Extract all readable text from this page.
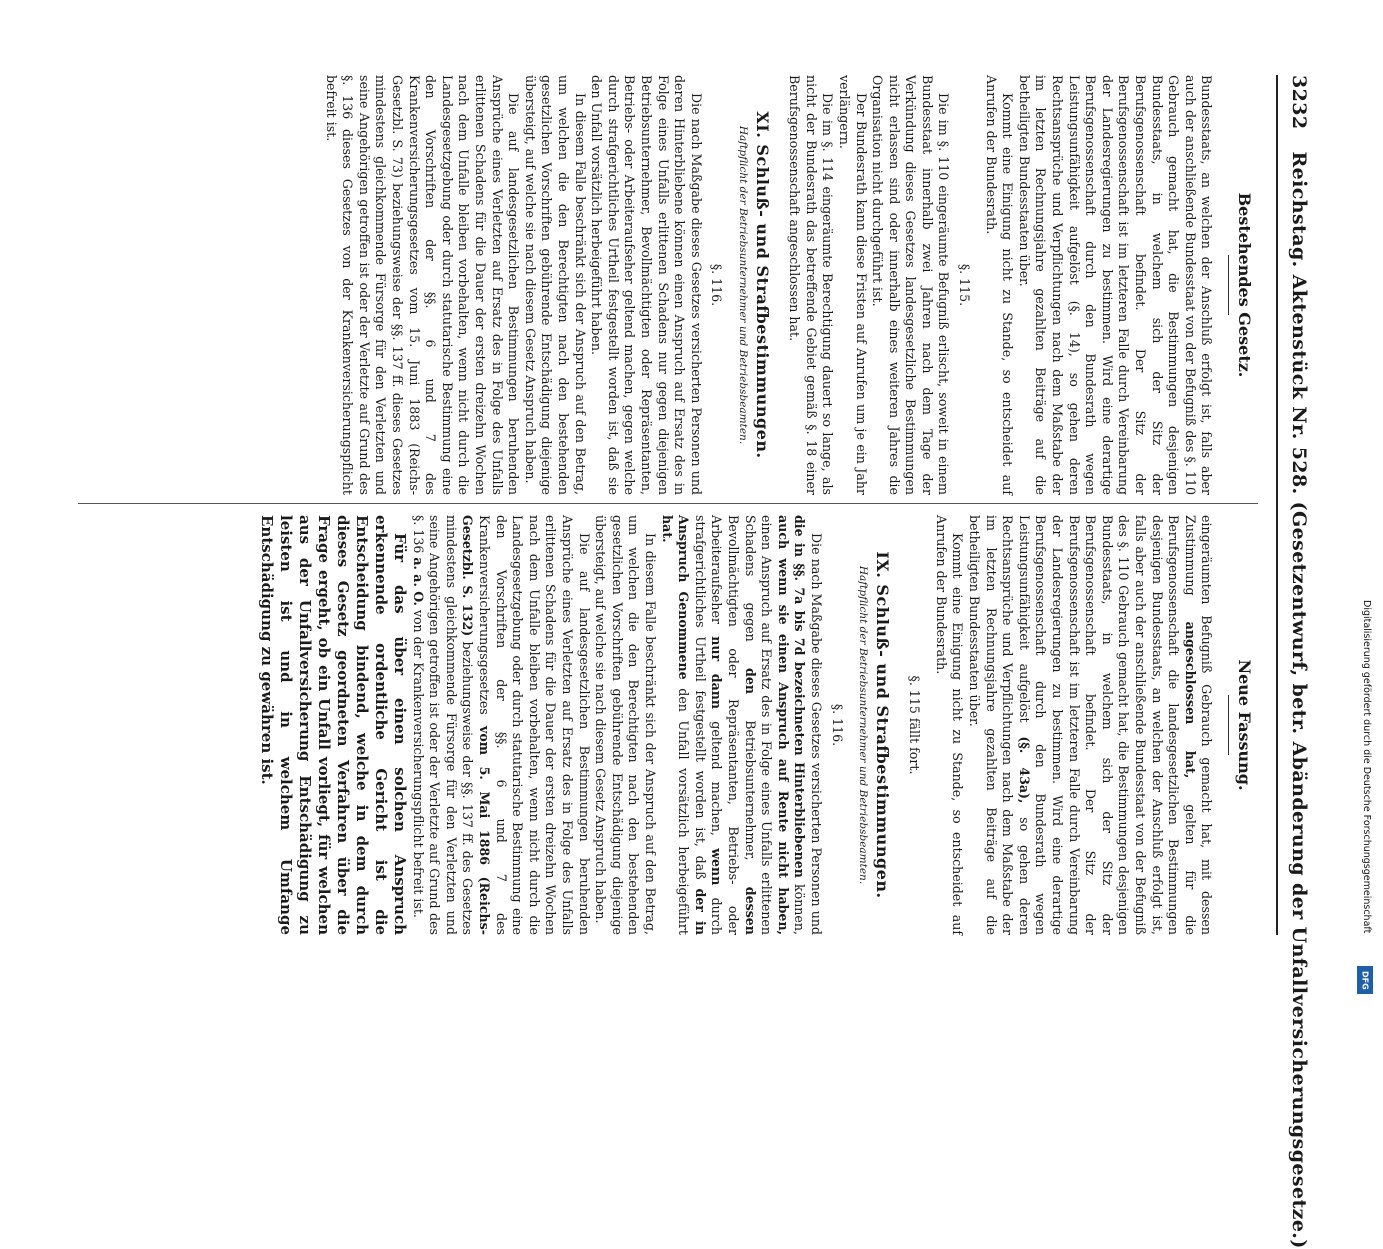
3232Reichstag. Aktenstück Nr. 528. (Gesetzentwurf, betr. Abänderung der Unfallversicherungsgesetze.)
Bestehendes Gesetz.

Bundesstaats, an welchen der Anschluß erfolgt ist, falls aber auch der anschließende Bundesstaat von der Befugniß des §. 110 Gebrauch gemacht hat, die Bestimmungen desjenigen Bundesstaats, in welchem sich der Sitz der Berufsgenossenschaft befindet. Der Sitz der Berufsgenossenschaft ist im letzteren Falle durch Vereinbarung der Landesregierungen zu bestimmen. Wird eine derartige Berufsgenossenschaft durch den Bundesrath wegen Leistungsunfähigkeit aufgelöst (§. 14), so gehen deren Rechtsansprüche und Verpflichtungen nach dem Maßstabe der im letzten Rechnungsjahre gezahlten Beiträge auf die betheiligten Bundesstaaten über.

Kommt eine Einigung nicht zu Stande, so entscheidet auf Anrufen der Bundesrath.

§. 115.

Die im §. 110 eingeräumte Befugniß erlischt, soweit in einem Bundesstaat innerhalb zwei Jahren nach dem Tage der Verkündung dieses Gesetzes landesgesetzliche Bestimmungen nicht erlassen sind oder innerhalb eines weiteren Jahres die Organisation nicht durchgeführt ist.

Der Bundesrath kann diese Fristen auf Anrufen um je ein Jahr verlängern.

Die im §. 114 eingeräumte Berechtigung dauert so lange, als nicht der Bundesrath das betreffende Gebiet gemäß §. 18 einer Berufsgenossenschaft angeschlossen hat.

XI. Schluß- und Strafbestimmungen.
Haftpflicht der Betriebsunternehmer und Betriebsbeamten.
§. 116.

Die nach Maßgabe dieses Gesetzes versicherten Personen und deren Hinterbliebene können einen Anspruch auf Ersatz des in Folge eines Unfalls erlittenen Schadens nur gegen diejenigen Betriebsunternehmer, Bevollmächtigten oder Repräsentanten, Betriebs- oder Arbeiteraufseher geltend machen, gegen welche durch strafgerichtliches Urtheil festgestellt worden ist, daß sie den Unfall vorsätzlich herbeigeführt haben.

In diesem Falle beschränkt sich der Anspruch auf den Betrag, um welchen die den Berechtigten nach den bestehenden gesetzlichen Vorschriften gebührende Entschädigung diejenige übersteigt, auf welche sie nach diesem Gesetz Anspruch haben.

Die auf landesgesetzlichen Bestimmungen beruhenden Ansprüche eines Verletzten auf Ersatz des in Folge des Unfalls erlittenen Schadens für die Dauer der ersten dreizehn Wochen nach dem Unfalle bleiben vorbehalten, wenn nicht durch die Landesgesetzgebung oder durch statutarische Bestimmung eine den Vorschriften der §§. 6 und 7 des Krankenversicherungsgesetzes vom 15. Juni 1883 (Reichs-Gesetzbl. S. 73) beziehungsweise der §§. 137 ff. dieses Gesetzes mindestens gleichkommende Fürsorge für den Verletzten und seine Angehörigen getroffen ist oder der Verletzte auf Grund des §. 136 dieses Gesetzes von der Krankenversicherungspflicht befreit ist.

Neue Fassung.

eingeräumten Befugniß Gebrauch gemacht hat, mit dessen Zustimmung angeschlossen hat, gelten für die Berufsgenossenschaft die landesgesetzlichen Bestimmungen desjenigen Bundesstaats, an welchen der Anschluß erfolgt ist, falls aber auch der anschließende Bundesstaat von der Befugniß des §. 110 Gebrauch gemacht hat, die Bestimmungen desjenigen Bundesstaats, in welchem sich der Sitz der Berufsgenossenschaft befindet. Der Sitz der Berufsgenossenschaft ist im letzteren Falle durch Vereinbarung der Landesregierungen zu bestimmen. Wird eine derartige Berufsgenossenschaft durch den Bundesrath wegen Leistungsunfähigkeit aufgelöst (§. 43a), so gehen deren Rechtsansprüche und Verpflichtungen nach dem Maßstabe der im letzten Rechnungsjahre gezahlten Beiträge auf die betheiligten Bundesstaaten über.

Kommt eine Einigung nicht zu Stande, so entscheidet auf Anrufen der Bundesrath.

§. 115 fällt fort.
IX. Schluß- und Strafbestimmungen.
Haftpflicht der Betriebsunternehmer und Betriebsbeamten.
§. 116.

Die nach Maßgabe dieses Gesetzes versicherten Personen und die in §§. 7a bis 7d bezeichneten Hinterbliebenen können, auch wenn sie einen Anspruch auf Rente nicht haben, einen Anspruch auf Ersatz des in Folge eines Unfalls erlittenen Schadens gegen den Betriebsunternehmer, dessen Bevollmächtigten oder Repräsentanten, Betriebs- oder Arbeiteraufseher nur dann geltend machen, wenn durch strafgerichtliches Urtheil festgestellt worden ist, daß der in Anspruch Genommene den Unfall vorsätzlich herbeigeführt hat.

In diesem Falle beschränkt sich der Anspruch auf den Betrag, um welchen die den Berechtigten nach den bestehenden gesetzlichen Vorschriften gebührende Entschädigung diejenige übersteigt, auf welche sie nach diesem Gesetz Anspruch haben.

Die auf landesgesetzlichen Bestimmungen beruhenden Ansprüche eines Verletzten auf Ersatz des in Folge des Unfalls erlittenen Schadens für die Dauer der ersten dreizehn Wochen nach dem Unfalle bleiben vorbehalten, wenn nicht durch die Landesgesetzgebung oder durch statutarische Bestimmung eine den Vorschriften der §§. 6 und 7 des Krankenversicherungsgesetzes vom 5. Mai 1886 (Reichs-Gesetzbl. S. 132) beziehungsweise der §§. 137 ff. des Gesetzes mindestens gleichkommende Fürsorge für den Verletzten und seine Angehörigen getroffen ist oder der Verletzte auf Grund des §. 136 a. a. O. von der Krankenversicherungspflicht befreit ist.

Für das über einen solchen Anspruch erkennende ordentliche Gericht ist die Entscheidung bindend, welche in dem durch dieses Gesetz geordneten Verfahren über die Frage ergeht, ob ein Unfall vorliegt, für welchen aus der Unfallversicherung Entschädigung zu leisten ist und in welchem Umfange Entschädigung zu gewähren ist.	Digitalisierung gefördert durch die Deutsche Forschungsgemeinschaft
DFG
